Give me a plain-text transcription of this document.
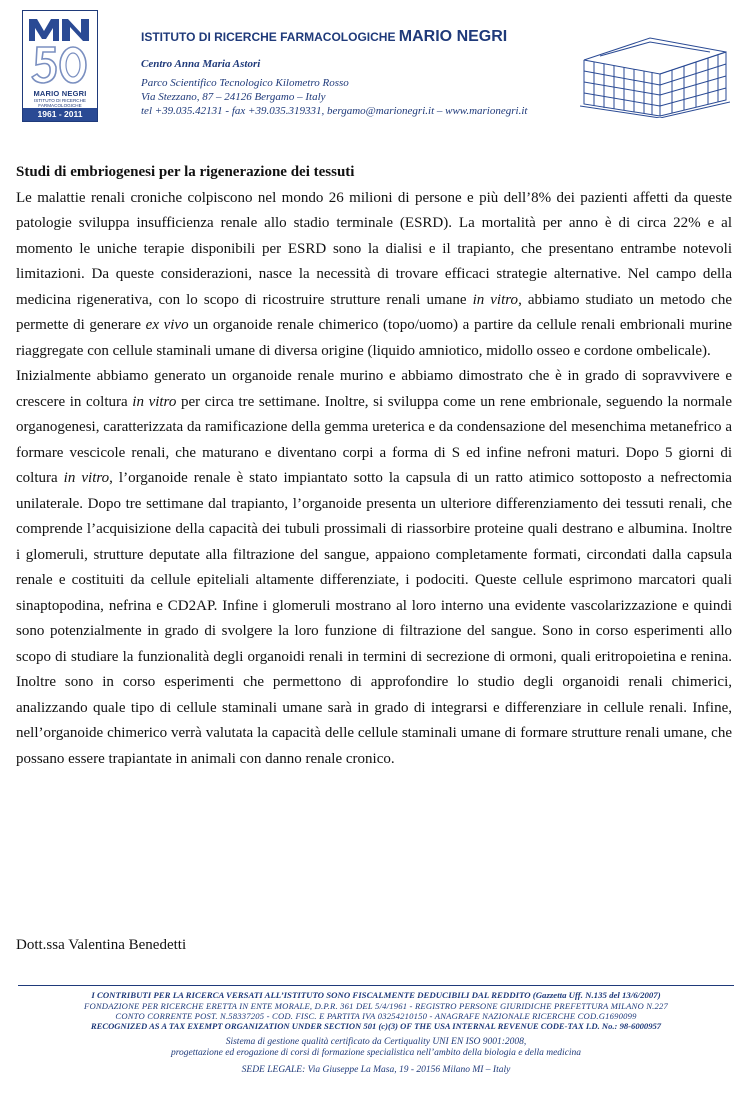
MARIO NEGRI
ISTITUTO DI RICERCHE FARMACOLOGICHE
1961 - 2011
ISTITUTO DI RICERCHE FARMACOLOGICHE MARIO NEGRI
Centro Anna Maria Astori
Parco Scientifico Tecnologico Kilometro Rosso
Via Stezzano, 87 – 24126 Bergamo – Italy
tel +39.035.42131 - fax +39.035.319331, bergamo@marionegri.it – www.marionegri.it
Studi di embriogenesi per la rigenerazione dei tessuti
Le malattie renali croniche colpiscono nel mondo 26 milioni di persone e più dell’8% dei pazienti affetti da queste patologie sviluppa insufficienza renale allo stadio terminale (ESRD). La mortalità per anno è di circa 22% e al momento le uniche terapie disponibili per ESRD sono la dialisi e il trapianto, che presentano entrambe notevoli limitazioni. Da queste considerazioni, nasce la necessità di trovare efficaci strategie alternative. Nel campo della medicina rigenerativa, con lo scopo di ricostruire strutture renali umane in vitro, abbiamo studiato un metodo che permette di generare ex vivo un organoide renale chimerico (topo/uomo) a partire da cellule renali embrionali murine riaggregate con cellule staminali umane di diversa origine (liquido amniotico, midollo osseo e cordone ombelicale).
Inizialmente abbiamo generato un organoide renale murino e abbiamo dimostrato che è in grado di sopravvivere e crescere in coltura in vitro per circa tre settimane. Inoltre, si sviluppa come un rene embrionale, seguendo la normale organogenesi, caratterizzata da ramificazione della gemma ureterica e da condensazione del mesenchima metanefrico a formare vescicole renali, che maturano e diventano corpi a forma di S ed infine nefroni maturi. Dopo 5 giorni di coltura in vitro, l’organoide renale è stato impiantato sotto la capsula di un ratto atimico sottoposto a nefrectomia unilaterale. Dopo tre settimane dal trapianto, l’organoide presenta un ulteriore differenziamento dei tessuti renali, che comprende l’acquisizione della capacità dei tubuli prossimali di riassorbire proteine quali destrano e albumina. Inoltre i glomeruli, strutture deputate alla filtrazione del sangue, appaiono completamente formati, circondati dalla capsula renale e costituiti da cellule epiteliali altamente differenziate, i podociti. Queste cellule esprimono marcatori quali sinaptopodina, nefrina e CD2AP. Infine i glomeruli mostrano al loro interno una evidente vascolarizzazione e quindi sono potenzialmente in grado di svolgere la loro funzione di filtrazione del sangue. Sono in corso esperimenti allo scopo di studiare la funzionalità degli organoidi renali in termini di secrezione di ormoni, quali eritropoietina e renina. Inoltre sono in corso esperimenti che permettono di approfondire lo studio degli organoidi renali chimerici, analizzando quale tipo di cellule staminali umane sarà in grado di integrarsi e differenziare in cellule renali. Infine, nell’organoide chimerico verrà valutata la capacità delle cellule staminali umane di formare strutture renali umane, che possano essere trapiantate in animali con danno renale cronico.
Dott.ssa Valentina Benedetti
I CONTRIBUTI PER LA RICERCA VERSATI ALL’ISTITUTO SONO FISCALMENTE DEDUCIBILI DAL REDDITO (Gazzetta Uff. N.135 del 13/6/2007)
FONDAZIONE PER RICERCHE ERETTA IN ENTE MORALE, D.P.R. 361 DEL 5/4/1961 - REGISTRO PERSONE GIURIDICHE PREFETTURA MILANO N.227
CONTO CORRENTE POST. N.58337205 - COD. FISC. E PARTITA IVA 03254210150 - ANAGRAFE NAZIONALE RICERCHE COD.G1690099
RECOGNIZED AS A TAX EXEMPT ORGANIZATION UNDER SECTION 501 (c)(3) OF THE USA INTERNAL REVENUE CODE-TAX I.D. No.: 98-6000957
Sistema di gestione qualità certificato da Certiquality UNI EN ISO 9001:2008,
progettazione ed erogazione di corsi di formazione specialistica nell’ambito della biologia e della medicina
SEDE LEGALE: Via Giuseppe La Masa, 19 - 20156 Milano MI – Italy
